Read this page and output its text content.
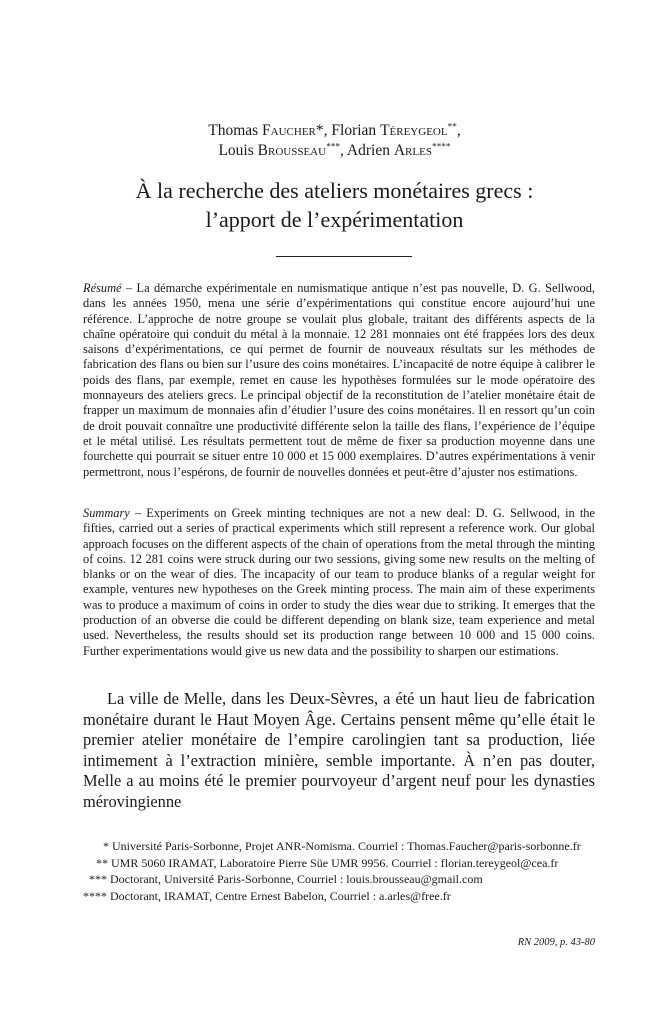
Thomas Faucher*, Florian Téreygeol**,
Louis Brousseau***, Adrien Arles****
À la recherche des ateliers monétaires grecs :
l’apport de l’expérimentation

Résumé – La démarche expérimentale en numismatique antique n’est pas nouvelle, D. G. Sellwood, dans les années 1950, mena une série d’expérimentations qui constitue encore aujourd’hui une référence. L’approche de notre groupe se voulait plus globale, traitant des différents aspects de la chaîne opératoire qui conduit du métal à la monnaie. 12 281 monnaies ont été frappées lors des deux saisons d’expérimentations, ce qui permet de fournir de nouveaux résultats sur les méthodes de fabrication des flans ou bien sur l’usure des coins monétaires. L’incapacité de notre équipe à calibrer le poids des flans, par exemple, remet en cause les hypothèses formulées sur le mode opératoire des monnayeurs des ateliers grecs. Le principal objectif de la reconstitution de l’atelier monétaire était de frapper un maximum de monnaies afin d’étudier l’usure des coins monétaires. Il en ressort qu’un coin de droit pouvait connaître une productivité différente selon la taille des flans, l’expérience de l’équipe et le métal utilisé. Les résultats permettent tout de même de fixer sa production moyenne dans une fourchette qui pourrait se situer entre 10 000 et 15 000 exemplaires. D’autres expérimentations à venir permettront, nous l’espérons, de fournir de nouvelles données et peut-être d’ajuster nos estimations.

Summary – Experiments on Greek minting techniques are not a new deal: D. G. Sellwood, in the fifties, carried out a series of practical experiments which still represent a reference work. Our global approach focuses on the different aspects of the chain of operations from the metal through the minting of coins. 12 281 coins were struck during our two sessions, giving some new results on the melting of blanks or on the wear of dies. The incapacity of our team to produce blanks of a regular weight for example, ventures new hypotheses on the Greek minting process. The main aim of these experiments was to produce a maximum of coins in order to study the dies wear due to striking. It emerges that the production of an obverse die could be different depending on blank size, team experience and metal used. Nevertheless, the results should set its production range between 10 000 and 15 000 coins. Further experimentations would give us new data and the possibility to sharpen our estimations.

La ville de Melle, dans les Deux-Sèvres, a été un haut lieu de fabrication monétaire durant le Haut Moyen Âge. Certains pensent même qu’elle était le premier atelier monétaire de l’empire carolingien tant sa production, liée intimement à l’extraction minière, semble importante. À n’en pas douter, Melle a au moins été le premier pourvoyeur d’argent neuf pour les dynasties mérovingienne

* Université Paris-Sorbonne, Projet ANR-Nomisma. Courriel : Thomas.Faucher@paris-sorbonne.fr
** UMR 5060 IRAMAT, Laboratoire Pierre Süe UMR 9956. Courriel : florian.tereygeol@cea.fr
*** Doctorant, Université Paris-Sorbonne, Courriel : louis.brousseau@gmail.com
**** Doctorant, IRAMAT, Centre Ernest Babelon, Courriel : a.arles@free.fr
RN 2009, p. 43-80
